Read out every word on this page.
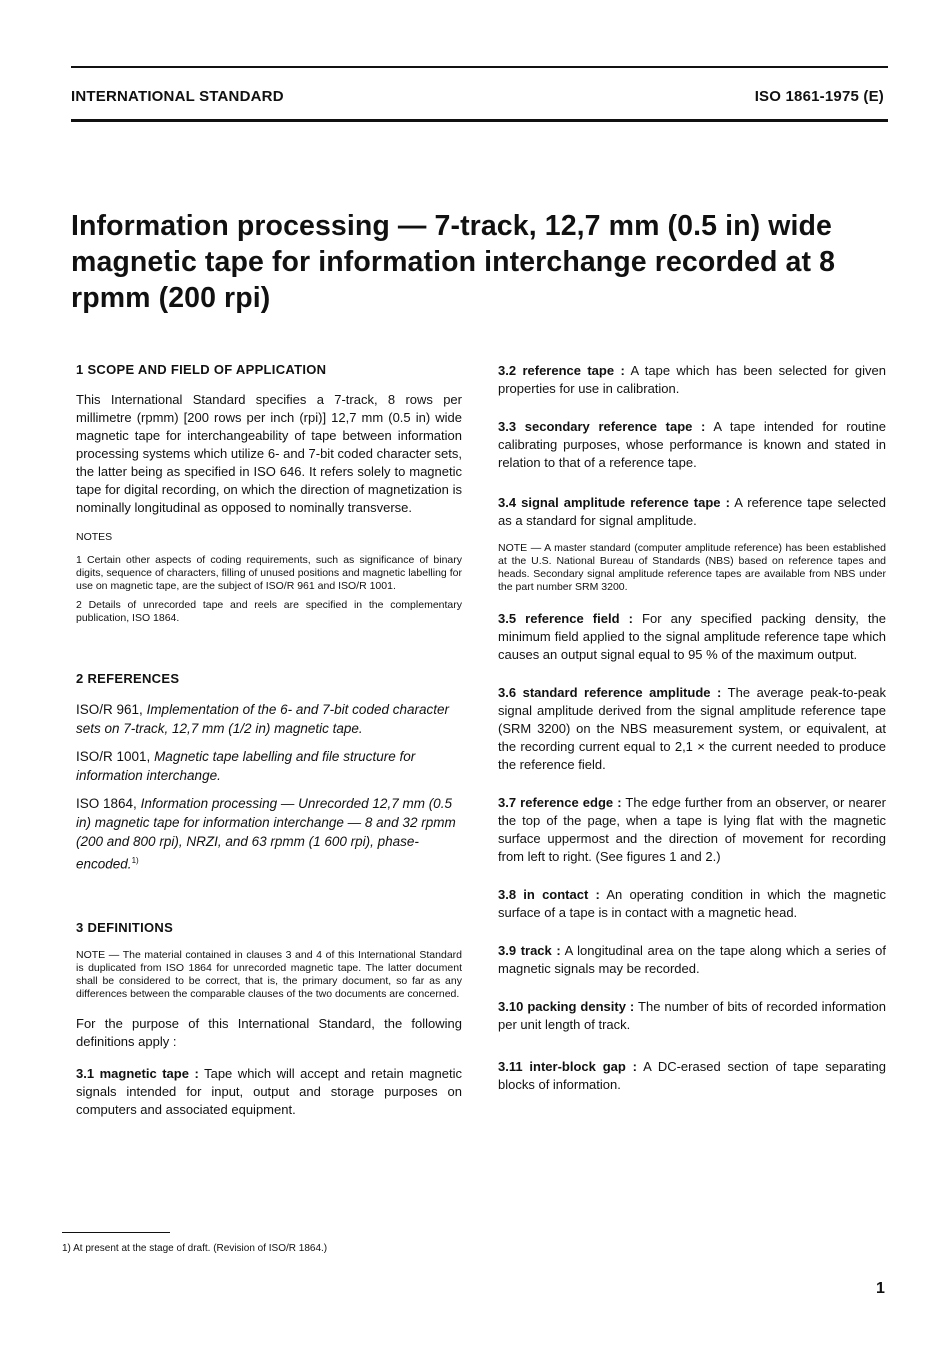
INTERNATIONAL STANDARD	ISO 1861-1975 (E)
Information processing — 7-track, 12,7 mm (0.5 in) wide magnetic tape for information interchange recorded at 8 rpmm (200 rpi)
1 SCOPE AND FIELD OF APPLICATION

This International Standard specifies a 7-track, 8 rows per millimetre (rpmm) [200 rows per inch (rpi)] 12,7 mm (0.5 in) wide magnetic tape for interchangeability of tape between information processing systems which utilize 6- and 7-bit coded character sets, the latter being as specified in ISO 646. It refers solely to magnetic tape for digital recording, on which the direction of magnetization is nominally longitudinal as opposed to nominally transverse.

NOTES

1 Certain other aspects of coding requirements, such as significance of binary digits, sequence of characters, filling of unused positions and magnetic labelling for use on magnetic tape, are the subject of ISO/R 961 and ISO/R 1001.

2 Details of unrecorded tape and reels are specified in the complementary publication, ISO 1864.

2 REFERENCES

ISO/R 961, Implementation of the 6- and 7-bit coded character sets on 7-track, 12,7 mm (1/2 in) magnetic tape.

ISO/R 1001, Magnetic tape labelling and file structure for information interchange.

ISO 1864, Information processing — Unrecorded 12,7 mm (0.5 in) magnetic tape for information interchange — 8 and 32 rpmm (200 and 800 rpi), NRZI, and 63 rpmm (1 600 rpi), phase-encoded.$^{1)}$

3 DEFINITIONS

NOTE — The material contained in clauses 3 and 4 of this International Standard is duplicated from ISO 1864 for unrecorded magnetic tape. The latter document shall be considered to be correct, that is, the primary document, so far as any differences between the comparable clauses of the two documents are concerned.

For the purpose of this International Standard, the following definitions apply :

3.1 magnetic tape : Tape which will accept and retain magnetic signals intended for input, output and storage purposes on computers and associated equipment.

3.2 reference tape : A tape which has been selected for given properties for use in calibration.

3.3 secondary reference tape : A tape intended for routine calibrating purposes, whose performance is known and stated in relation to that of a reference tape.

3.4 signal amplitude reference tape : A reference tape selected as a standard for signal amplitude.

NOTE — A master standard (computer amplitude reference) has been established at the U.S. National Bureau of Standards (NBS) based on reference tapes and heads. Secondary signal amplitude reference tapes are available from NBS under the part number SRM 3200.

3.5 reference field : For any specified packing density, the minimum field applied to the signal amplitude reference tape which causes an output signal equal to 95 % of the maximum output.

3.6 standard reference amplitude : The average peak-to-peak signal amplitude derived from the signal amplitude reference tape (SRM 3200) on the NBS measurement system, or equivalent, at the recording current equal to 2,1 × the current needed to produce the reference field.

3.7 reference edge : The edge further from an observer, or nearer the top of the page, when a tape is lying flat with the magnetic surface uppermost and the direction of movement for recording from left to right. (See figures 1 and 2.)

3.8 in contact : An operating condition in which the magnetic surface of a tape is in contact with a magnetic head.

3.9 track : A longitudinal area on the tape along which a series of magnetic signals may be recorded.

3.10 packing density : The number of bits of recorded information per unit length of track.

3.11 inter-block gap : A DC-erased section of tape separating blocks of information.

1) At present at the stage of draft. (Revision of ISO/R 1864.)
1
